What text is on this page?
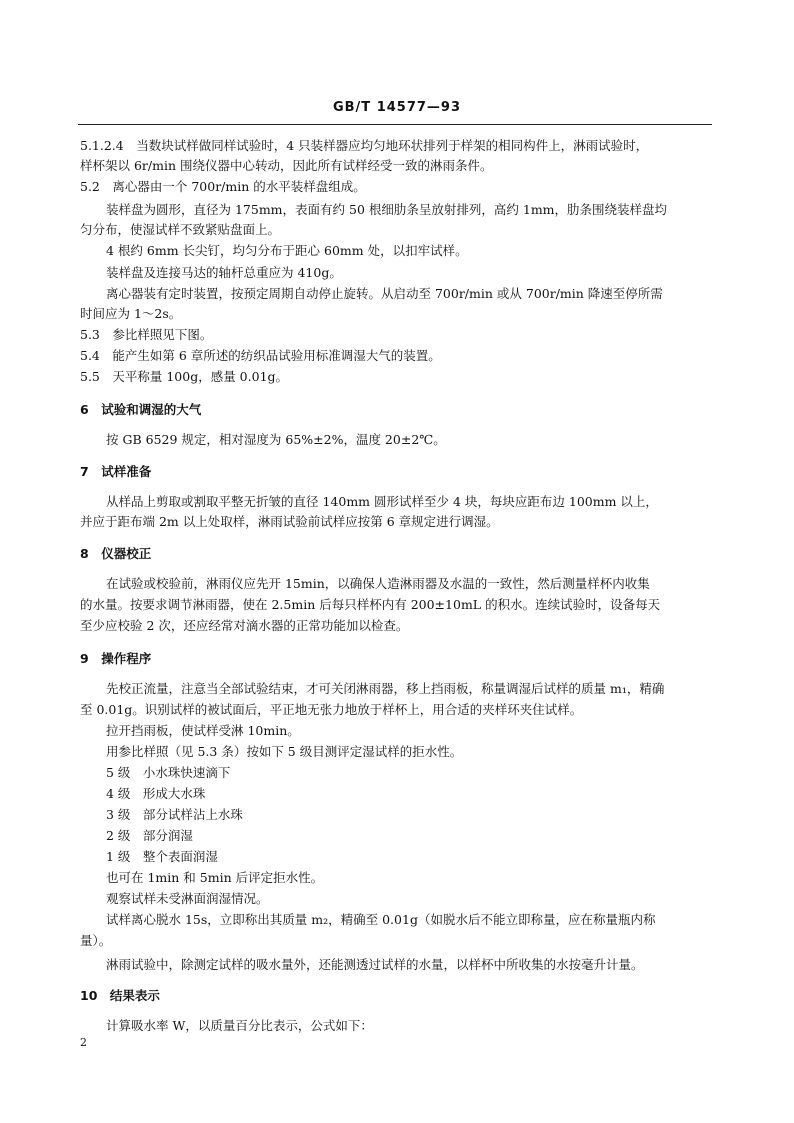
GB/T 14577—93
5.1.2.4　当数块试样做同样试验时，4 只装样器应均匀地环状排列于样架的相同构件上，淋雨试验时，
样杯架以 6r/min 围绕仪器中心转动，因此所有试样经受一致的淋雨条件。
5.2　离心器由一个 700r/min 的水平装样盘组成。
装样盘为圆形，直径为 175mm，表面有约 50 根细肋条呈放射排列，高约 1mm，肋条围绕装样盘均
匀分布，使湿试样不致紧贴盘面上。
4 根约 6mm 长尖钉，均匀分布于距心 60mm 处，以扣牢试样。
装样盘及连接马达的轴杆总重应为 410g。
离心器装有定时装置，按预定周期自动停止旋转。从启动至 700r/min 或从 700r/min 降速至停所需
时间应为 1～2s。
5.3　参比样照见下图。
5.4　能产生如第 6 章所述的纺织品试验用标准调湿大气的装置。
5.5　天平称量 100g，感量 0.01g。
6　试验和调湿的大气
按 GB 6529 规定，相对湿度为 65%±2%，温度 20±2℃。
7　试样准备
从样品上剪取或割取平整无折皱的直径 140mm 圆形试样至少 4 块，每块应距布边 100mm 以上，
并应于距布端 2m 以上处取样，淋雨试验前试样应按第 6 章规定进行调湿。
8　仪器校正
在试验或校验前，淋雨仪应先开 15min，以确保人造淋雨器及水温的一致性，然后测量样杯内收集
的水量。按要求调节淋雨器，使在 2.5min 后每只样杯内有 200±10mL 的积水。连续试验时，设备每天
至少应校验 2 次，还应经常对滴水器的正常功能加以检查。
9　操作程序
先校正流量，注意当全部试验结束，才可关闭淋雨器，移上挡雨板，称量调湿后试样的质量 m₁，精确
至 0.01g。识别试样的被试面后，平正地无张力地放于样杯上，用合适的夹样环夹住试样。
拉开挡雨板，使试样受淋 10min。
用参比样照（见 5.3 条）按如下 5 级目测评定湿试样的拒水性。
5 级　小水珠快速滴下
4 级　形成大水珠
3 级　部分试样沾上水珠
2 级　部分润湿
1 级　整个表面润湿
也可在 1min 和 5min 后评定拒水性。
观察试样未受淋面润湿情况。
试样离心脱水 15s，立即称出其质量 m₂，精确至 0.01g（如脱水后不能立即称量，应在称量瓶内称
量）。
淋雨试验中，除测定试样的吸水量外，还能测透过试样的水量，以样杯中所收集的水按毫升计量。
10　结果表示
计算吸水率 W，以质量百分比表示，公式如下：
2
